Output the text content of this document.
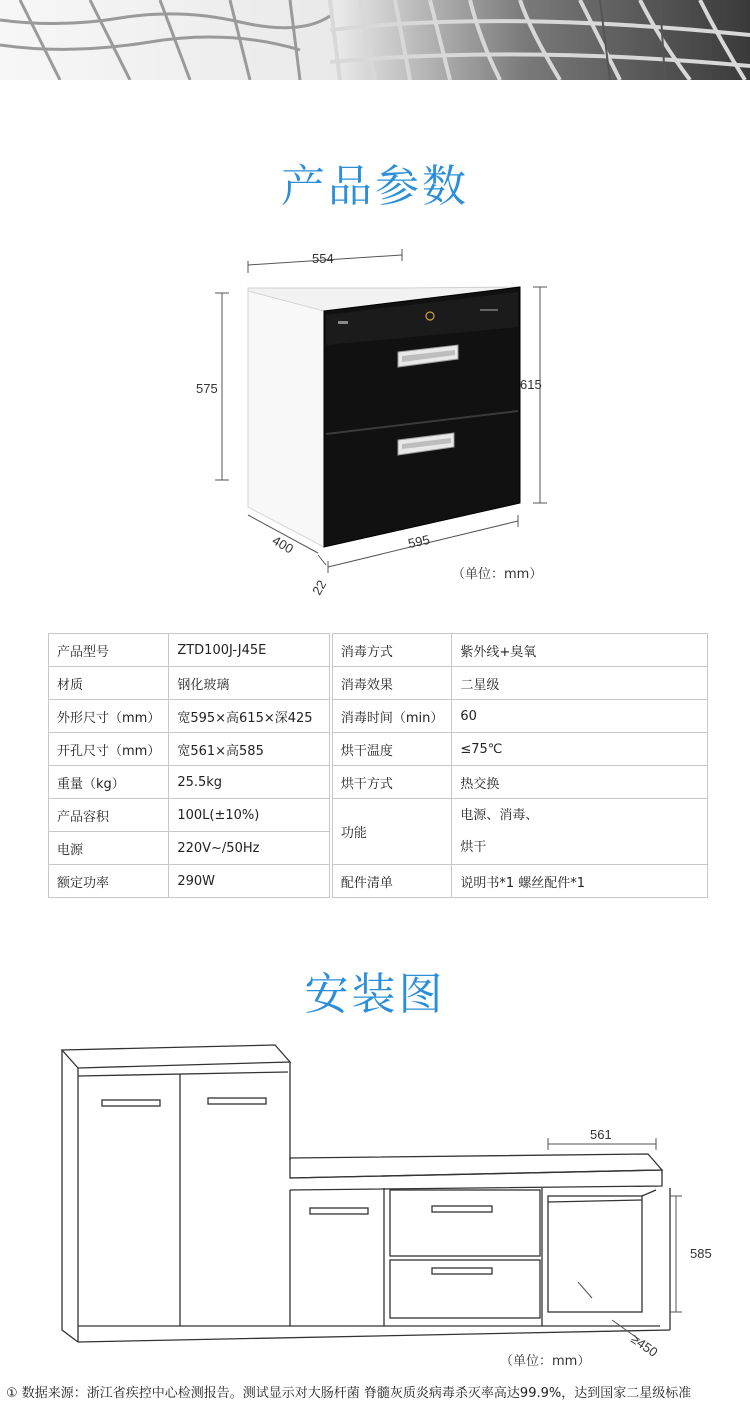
产品参数
554
575	615
400	595
22
（单位：mm）
产品型号	ZTD100J-J45E		消毒方式	紫外线+臭氧
材质	钢化玻璃		消毒效果	二星级
外形尺寸（mm）	宽595×高615×深425		消毒时间（min）	60
开孔尺寸（mm）	宽561×高585		烘干温度	≤75℃
重量（kg）	25.5kg		烘干方式	热交换
产品容积	100L(±10%)		功能	电源、消毒、
烘干

电源	220V~/50Hz			
额定功率	290W		配件清单	说明书*1 螺丝配件*1
安装图
561
585
≥450
（单位：mm）
① 数据来源：浙江省疾控中心检测报告。测试显示对大肠杆菌 脊髓灰质炎病毒杀灭率高达99.9%，达到国家二星级标准
